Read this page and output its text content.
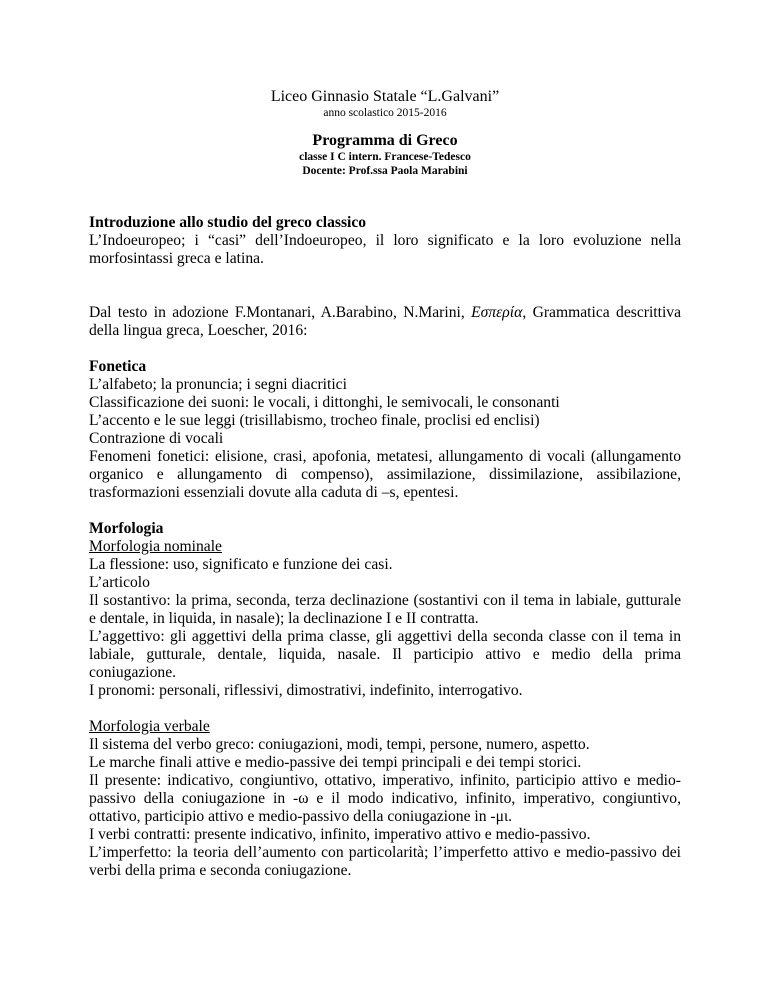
Liceo Ginnasio Statale “L.Galvani”
anno scolastico 2015-2016
Programma di Greco
classe I C intern. Francese-Tedesco
Docente: Prof.ssa Paola Marabini

Introduzione allo studio del greco classico

L’Indoeuropeo; i “casi” dell’Indoeuropeo, il loro significato e la loro evoluzione nella morfosintassi greca e latina.

Dal testo in adozione F.Montanari, A.Barabino, N.Marini, Εσπερία, Grammatica descrittiva della lingua greca, Loescher, 2016:

Fonetica

L’alfabeto; la pronuncia; i segni diacritici

Classificazione dei suoni: le vocali, i dittonghi, le semivocali, le consonanti

L’accento e le sue leggi (trisillabismo, trocheo finale, proclisi ed enclisi)

Contrazione di vocali

Fenomeni fonetici: elisione, crasi, apofonia, metatesi, allungamento di vocali (allungamento organico e allungamento di compenso), assimilazione, dissimilazione, assibilazione, trasformazioni essenziali dovute alla caduta di –s, epentesi.

Morfologia

Morfologia nominale

La flessione: uso, significato e funzione dei casi.

L’articolo

Il sostantivo: la prima, seconda, terza declinazione (sostantivi con il tema in labiale, gutturale e dentale, in liquida, in nasale); la declinazione I e II contratta.

L’aggettivo: gli aggettivi della prima classe, gli aggettivi della seconda classe con il tema in labiale, gutturale, dentale, liquida, nasale. Il participio attivo e medio della prima coniugazione.

I pronomi: personali, riflessivi, dimostrativi, indefinito, interrogativo.

Morfologia verbale

Il sistema del verbo greco: coniugazioni, modi, tempi, persone, numero, aspetto.

Le marche finali attive e medio-passive dei tempi principali e dei tempi storici.

Il presente: indicativo, congiuntivo, ottativo, imperativo, infinito, participio attivo e medio-passivo della coniugazione in -ω e il modo indicativo, infinito, imperativo, congiuntivo, ottativo, participio attivo e medio-passivo della coniugazione in -μι.

I verbi contratti: presente indicativo, infinito, imperativo attivo e medio-passivo.

L’imperfetto: la teoria dell’aumento con particolarità; l’imperfetto attivo e medio-passivo dei verbi della prima e seconda coniugazione.
